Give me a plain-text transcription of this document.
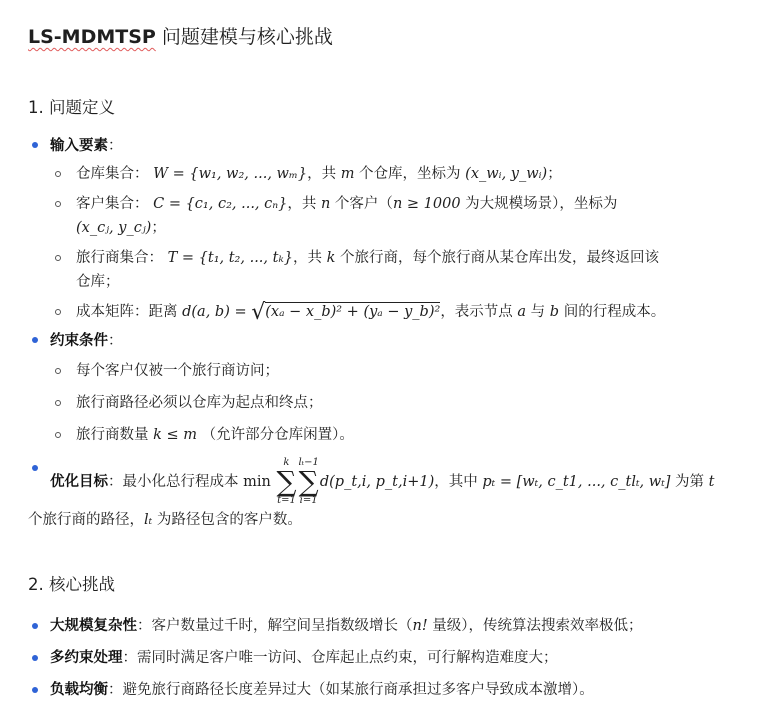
LS-MDMTSP 问题建模与核心挑战
1. 问题定义
输入要素：
仓库集合： W = {w₁, w₂, ..., wₘ}，共 m 个仓库，坐标为 (x_wᵢ, y_wᵢ)；
客户集合： C = {c₁, c₂, ..., cₙ}，共 n 个客户（n ≥ 1000 为大规模场景），坐标为
(x_cⱼ, y_cⱼ)；
旅行商集合： T = {t₁, t₂, ..., tₖ}，共 k 个旅行商，每个旅行商从某仓库出发，最终返回该
仓库；
成本矩阵：距离 d(a, b) = √(xₐ − x_b)² + (yₐ − y_b)²，表示节点 a 与 b 间的行程成本。
约束条件：
每个客户仅被一个旅行商访问；
旅行商路径必须以仓库为起点和终点；
旅行商数量 k ≤ m （允许部分仓库闲置）。
优化目标：最小化总行程成本 min
k
∑
t=1
lₜ−1
∑
i=1
d(p_t,i, p_t,i+1)，其中 pₜ = [wₜ, c_t1, ..., c_tlₜ, wₜ] 为第 t
个旅行商的路径，lₜ 为路径包含的客户数。
2. 核心挑战
大规模复杂性：客户数量过千时，解空间呈指数级增长（n! 量级），传统算法搜索效率极低；
多约束处理：需同时满足客户唯一访问、仓库起止点约束，可行解构造难度大；
负载均衡：避免旅行商路径长度差异过大（如某旅行商承担过多客户导致成本激增）。
